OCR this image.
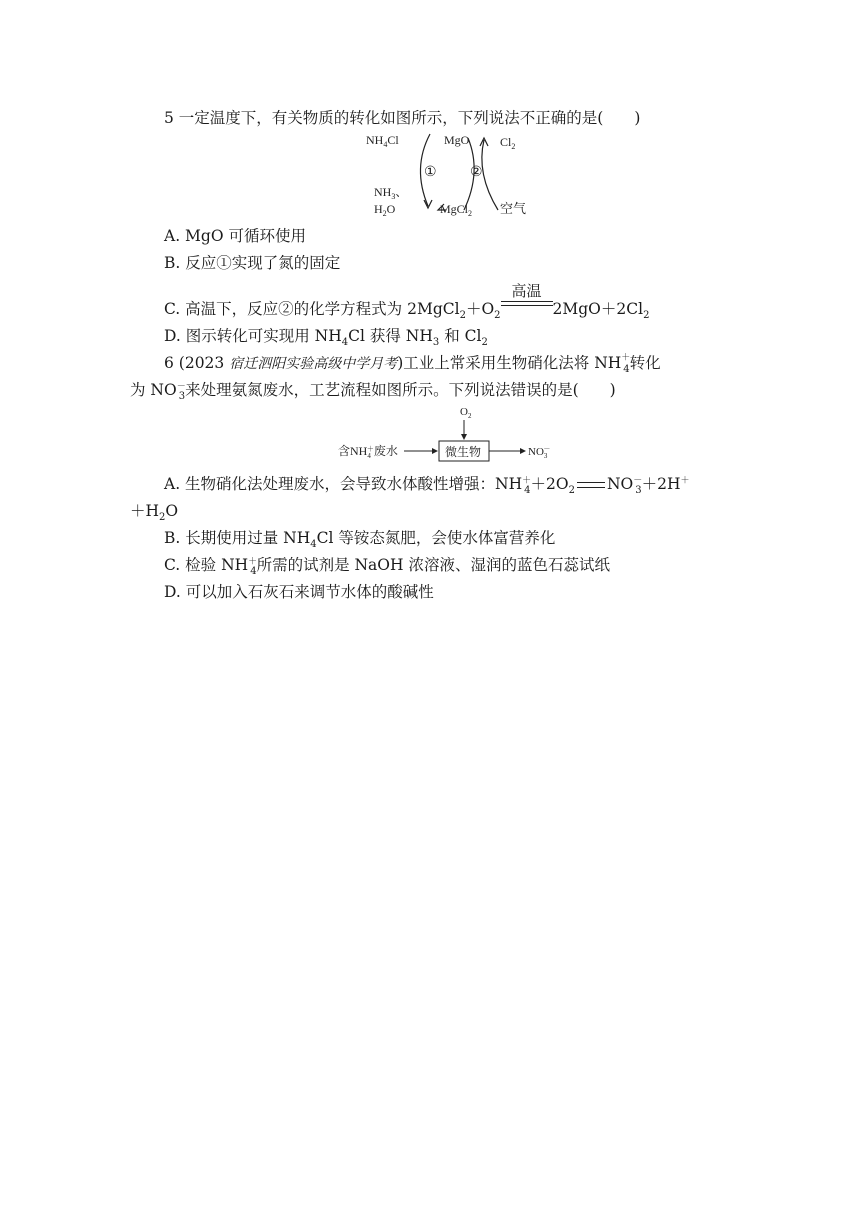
5 一定温度下，有关物质的转化如图所示，下列说法不正确的是(　　)
$NH_4Cl$	MgO	$Cl_2$
① ②
$NH_3$、
$H_2O$	MgCl$_2$ 空气
A. MgO 可循环使用
B. 反应①实现了氮的固定
C. 高温下，反应②的化学方程式为 $2MgCl_2+O_2$
高温
$2MgO+2Cl_2$
D. 图示转化可实现用 $NH_4Cl$ 获得 $NH_3$ 和 $Cl_2$
6 (2023 宿迁泗阳实验高级中学月考)工业上常采用生物硝化法将 $NH^+_4$转化
为 $NO^-_3$来处理氨氮废水，工艺流程如图所示。下列说法错误的是(　　)
$O_2$
含$NH_4+$废水	微生物	$NO_3-$
A. 生物硝化法处理废水，会导致水体酸性增强：$NH^+_4+2O_2$ $NO^-_3+2H^+$
$+H_2O$
B. 长期使用过量 $NH_4Cl$ 等铵态氮肥，会使水体富营养化
C. 检验 $NH^+_4$所需的试剂是 NaOH 浓溶液、湿润的蓝色石蕊试纸
D. 可以加入石灰石来调节水体的酸碱性
